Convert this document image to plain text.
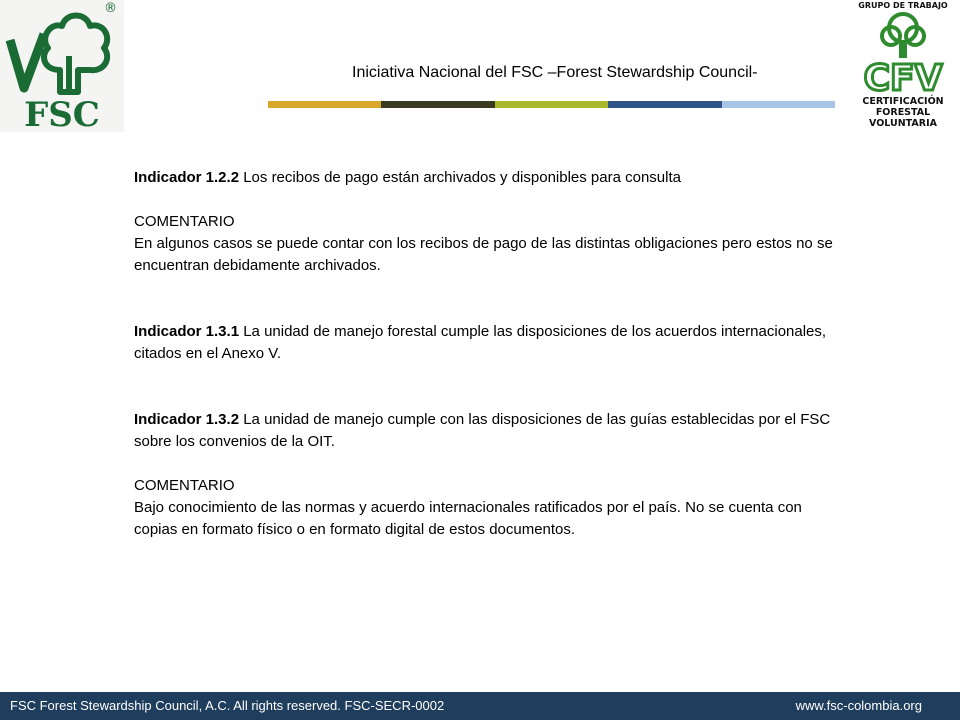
FSC
®
Iniciativa Nacional del FSC –Forest Stewardship Council-
GRUPO DE TRABAJO
CFV
CERTIFICACIÓN
FORESTAL
VOLUNTARIA

Indicador 1.2.2 Los recibos de pago están archivados y disponibles para consulta

COMENTARIO

En algunos casos se puede contar con los recibos de pago de las distintas obligaciones pero estos no se encuentran debidamente archivados.

Indicador 1.3.1 La unidad de manejo forestal cumple las disposiciones de los acuerdos internacionales, citados en el Anexo V.

Indicador 1.3.2 La unidad de manejo cumple con las disposiciones de las guías establecidas por el FSC sobre los convenios de la OIT.

COMENTARIO

Bajo conocimiento de las normas y acuerdo internacionales ratificados por el país. No se cuenta con copias en formato físico o en formato digital de estos documentos.

FSC Forest Stewardship Council, A.C. All rights reserved. FSC-SECR-0002	www.fsc-colombia.org
